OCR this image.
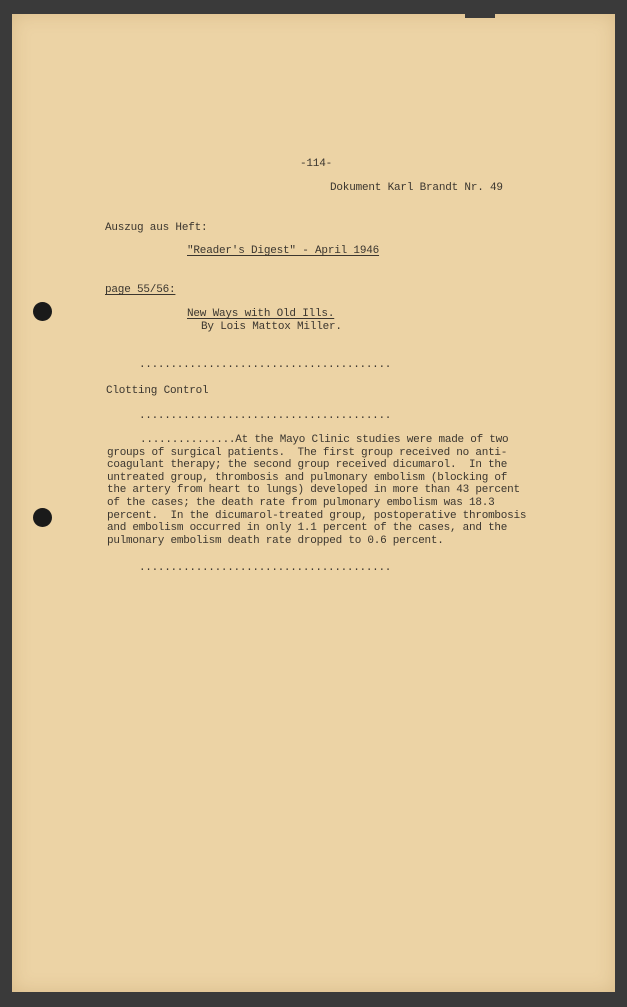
-114-
Dokument Karl Brandt Nr. 49
Auszug aus Heft:
"Reader's Digest" - April 1946
page 55/56:
New Ways with Old Ills.
By Lois Mattox Miller.
........................................
Clotting Control
........................................
...............At the Mayo Clinic studies were made of two
groups of surgical patients.  The first group received no anti-
coagulant therapy; the second group received dicumarol.  In the
untreated group, thrombosis and pulmonary embolism (blocking of
the artery from heart to lungs) developed in more than 43 percent
of the cases; the death rate from pulmonary embolism was 18.3
percent.  In the dicumarol-treated group, postoperative thrombosis
and embolism occurred in only 1.1 percent of the cases, and the
pulmonary embolism death rate dropped to 0.6 percent.
........................................
